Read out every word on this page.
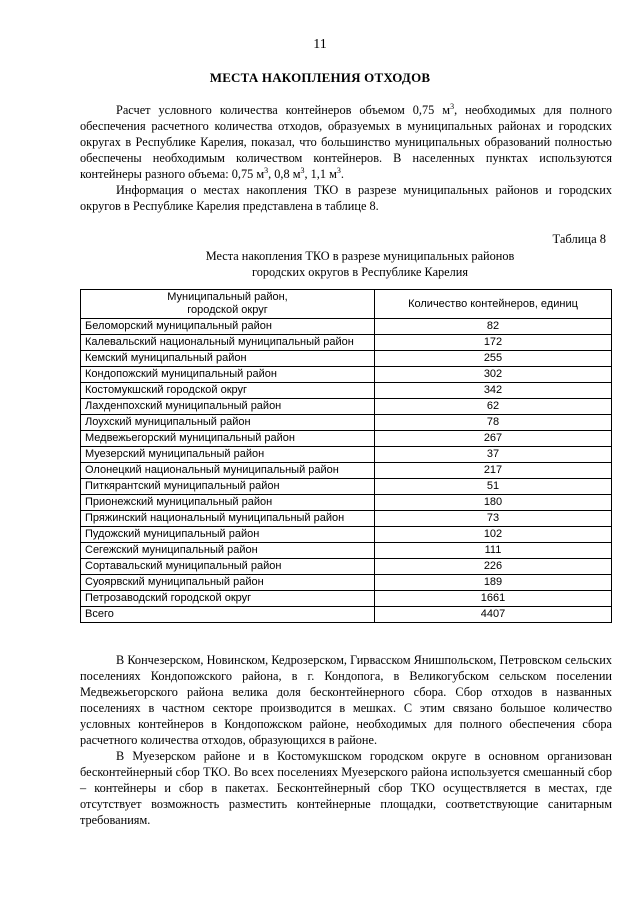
11
МЕСТА НАКОПЛЕНИЯ ОТХОДОВ

Расчет условного количества контейнеров объемом 0,75 $м^3$, необходимых для полного обеспечения расчетного количества отходов, образуемых в муниципальных районах и городских округах в Республике Карелия, показал, что большинство муниципальных образований полностью обеспечены необходимым количеством контейнеров. В населенных пунктах используются контейнеры разного объема: 0,75 $м^3$, 0,8 $м^3$, 1,1 $м^3$.

Информация о местах накопления ТКО в разрезе муниципальных районов и городских округов в Республике Карелия представлена в таблице 8.

Таблица 8
Места накопления ТКО в разрезе муниципальных районов
городских округов в Республике Карелия
Муниципальный район,
городской округ	Количество контейнеров, единиц
Беломорский муниципальный район	82
Калевальский национальный муниципальный район	172
Кемский муниципальный район	255
Кондопожский муниципальный район	302
Костомукшский городской округ	342
Лахденпохский муниципальный район	62
Лоухский муниципальный район	78
Медвежьегорский муниципальный район	267
Муезерский муниципальный район	37
Олонецкий национальный муниципальный район	217
Питкярантский муниципальный район	51
Прионежский муниципальный район	180
Пряжинский национальный муниципальный район	73
Пудожский муниципальный район	102
Сегежский муниципальный район	111
Сортавальский муниципальный район	226
Суоярвский муниципальный район	189
Петрозаводский городской округ	1661
Всего	4407

В Кончезерском, Новинском, Кедрозерском, Гирвасском Янишпольском, Петровском сельских поселениях Кондопожского района, в г. Кондопога, в Великогубском сельском поселении Медвежьегорского района велика доля бесконтейнерного сбора. Сбор отходов в названных поселениях в частном секторе производится в мешках. С этим связано большое количество условных контейнеров в Кондопожском районе, необходимых для полного обеспечения сбора расчетного количества отходов, образующихся в районе.

В Муезерском районе и в Костомукшском городском округе в основном организован бесконтейнерный сбор ТКО. Во всех поселениях Муезерского района используется смешанный сбор – контейнеры и сбор в пакетах. Бесконтейнерный сбор ТКО осуществляется в местах, где отсутствует возможность разместить контейнерные площадки, соответствующие санитарным требованиям.
